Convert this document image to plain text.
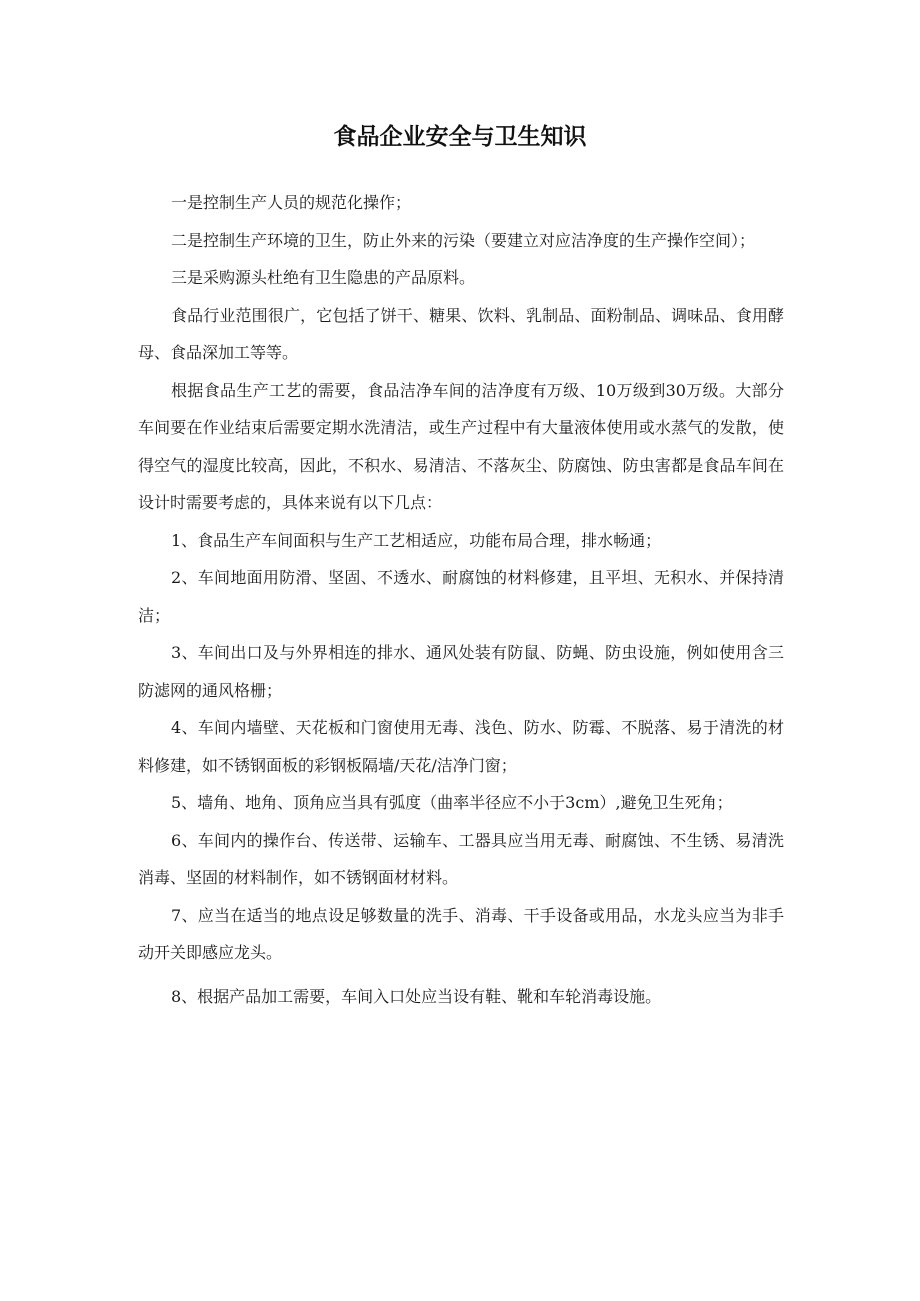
食品企业安全与卫生知识

一是控制生产人员的规范化操作；

二是控制生产环境的卫生，防止外来的污染（要建立对应洁净度的生产操作空间）；

三是采购源头杜绝有卫生隐患的产品原料。

食品行业范围很广，它包括了饼干、糖果、饮料、乳制品、面粉制品、调味品、食用酵母、食品深加工等等。

根据食品生产工艺的需要，食品洁净车间的洁净度有万级、10万级到30万级。大部分车间要在作业结束后需要定期水洗清洁，或生产过程中有大量液体使用或水蒸气的发散，使得空气的湿度比较高，因此，不积水、易清洁、不落灰尘、防腐蚀、防虫害都是食品车间在设计时需要考虑的，具体来说有以下几点：

1、食品生产车间面积与生产工艺相适应，功能布局合理，排水畅通；

2、车间地面用防滑、坚固、不透水、耐腐蚀的材料修建，且平坦、无积水、并保持清洁；

3、车间出口及与外界相连的排水、通风处装有防鼠、防蝇、防虫设施，例如使用含三防滤网的通风格栅；

4、车间内墙壁、天花板和门窗使用无毒、浅色、防水、防霉、不脱落、易于清洗的材料修建，如不锈钢面板的彩钢板隔墙/天花/洁净门窗；

5、墙角、地角、顶角应当具有弧度（曲率半径应不小于3cm）,避免卫生死角；

6、车间内的操作台、传送带、运输车、工器具应当用无毒、耐腐蚀、不生锈、易清洗消毒、坚固的材料制作，如不锈钢面材材料。

7、应当在适当的地点设足够数量的洗手、消毒、干手设备或用品，水龙头应当为非手动开关即感应龙头。

8、根据产品加工需要，车间入口处应当设有鞋、靴和车轮消毒设施。
